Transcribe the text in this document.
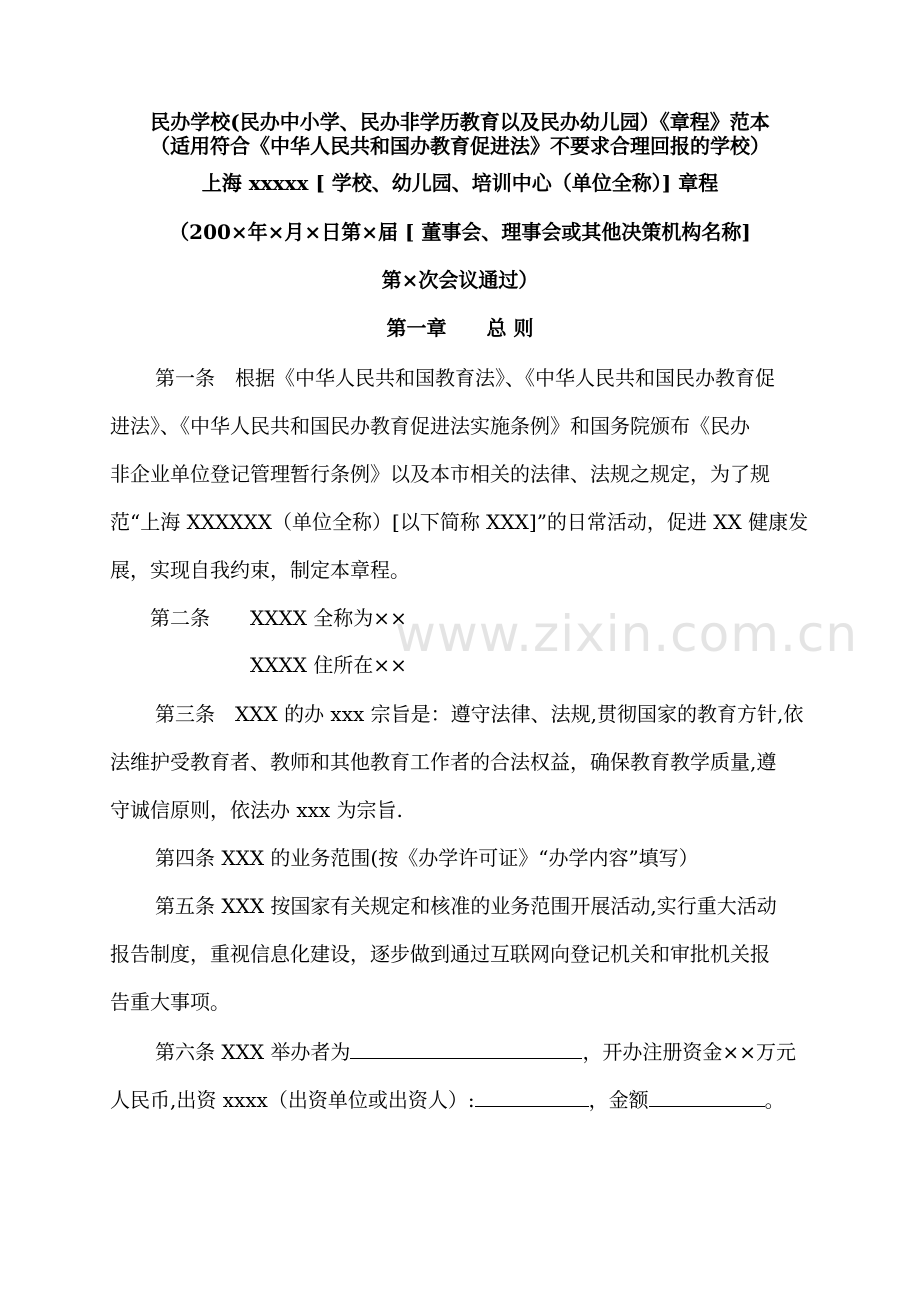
民办学校(民办中小学、民办非学历教育以及民办幼儿园）《章程》范本
（适用符合《中华人民共和国办教育促进法》不要求合理回报的学校）
上海 xxxxx [ 学校、幼儿园、培训中心（单位全称）] 章程
（200×年×月×日第×届 [ 董事会、理事会或其他决策机构名称]
第×次会议通过）
第一章　　总 则
第一条　根据《中华人民共和国教育法》、《中华人民共和国民办教育促
进法》、《中华人民共和国民办教育促进法实施条例》和国务院颁布《民办
非企业单位登记管理暂行条例》以及本市相关的法律、法规之规定，为了规
范“上海 XXXXXX（单位全称）[以下简称 XXX]”的日常活动，促进 XX 健康发
展，实现自我约束，制定本章程。
第二条 XXXX 全称为××
XXXX 住所在××
第三条　XXX 的办 xxx 宗旨是：遵守法律、法规,贯彻国家的教育方针,依
法维护受教育者、教师和其他教育工作者的合法权益，确保教育教学质量,遵
守诚信原则，依法办 xxx 为宗旨.
第四条 XXX 的业务范围(按《办学许可证》“办学内容”填写）
第五条 XXX 按国家有关规定和核准的业务范围开展活动,实行重大活动
报告制度，重视信息化建设，逐步做到通过互联网向登记机关和审批机关报
告重大事项。
第六条 XXX 举办者为	，开办注册资金××万元
人民币,出资 xxxx（出资单位或出资人）:	，金额	。
www.zixin.com.cn
